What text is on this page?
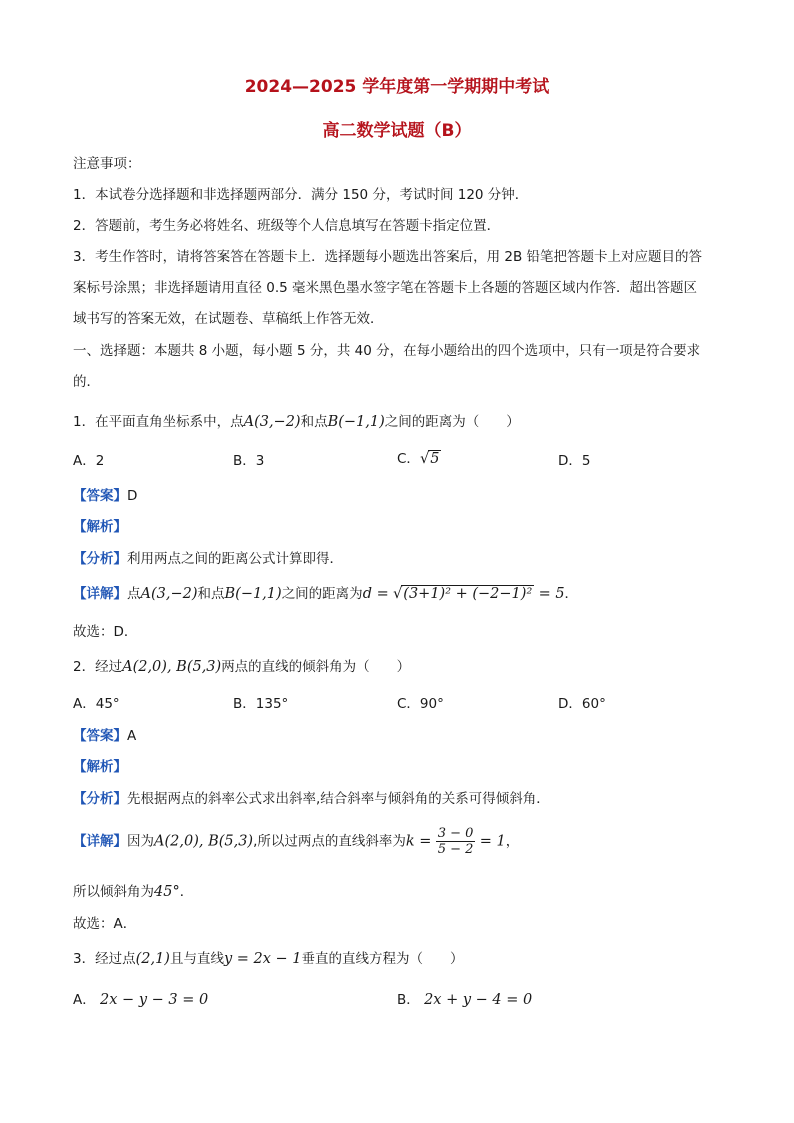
2024—2025 学年度第一学期期中考试
高二数学试题（B）
注意事项：
1．本试卷分选择题和非选择题两部分．满分 150 分，考试时间 120 分钟．
2．答题前，考生务必将姓名、班级等个人信息填写在答题卡指定位置．
3．考生作答时，请将答案答在答题卡上．选择题每小题选出答案后，用 2B 铅笔把答题卡上对应题目的答
案标号涂黑；非选择题请用直径 0.5 毫米黑色墨水签字笔在答题卡上各题的答题区域内作答．超出答题区
域书写的答案无效，在试题卷、草稿纸上作答无效．
一、选择题：本题共 8 小题，每小题 5 分，共 40 分，在每小题给出的四个选项中，只有一项是符合要求
的．
1．在平面直角坐标系中，点A(3,−2)和点B(−1,1)之间的距离为（　　）
A．2	B．3	C．√5	D．5
【答案】D
【解析】
【分析】利用两点之间的距离公式计算即得．
【详解】点A(3,−2)和点B(−1,1)之间的距离为d = √(3+1)² + (−2−1)² = 5．
故选：D．
2．经过A(2,0), B(5,3)两点的直线的倾斜角为（　　）
A．45°	B．135°	C．90°	D．60°
【答案】A
【解析】
【分析】先根据两点的斜率公式求出斜率,结合斜率与倾斜角的关系可得倾斜角．
【详解】因为A(2,0), B(5,3),所以过两点的直线斜率为$k = \frac{3 - 0}{5 - 2} = 1$，
所以倾斜角为45°．
故选：A．
3．经过点(2,1)且与直线y = 2x − 1垂直的直线方程为（　　）
A． 2x − y − 3 = 0	B． 2x + y − 4 = 0
